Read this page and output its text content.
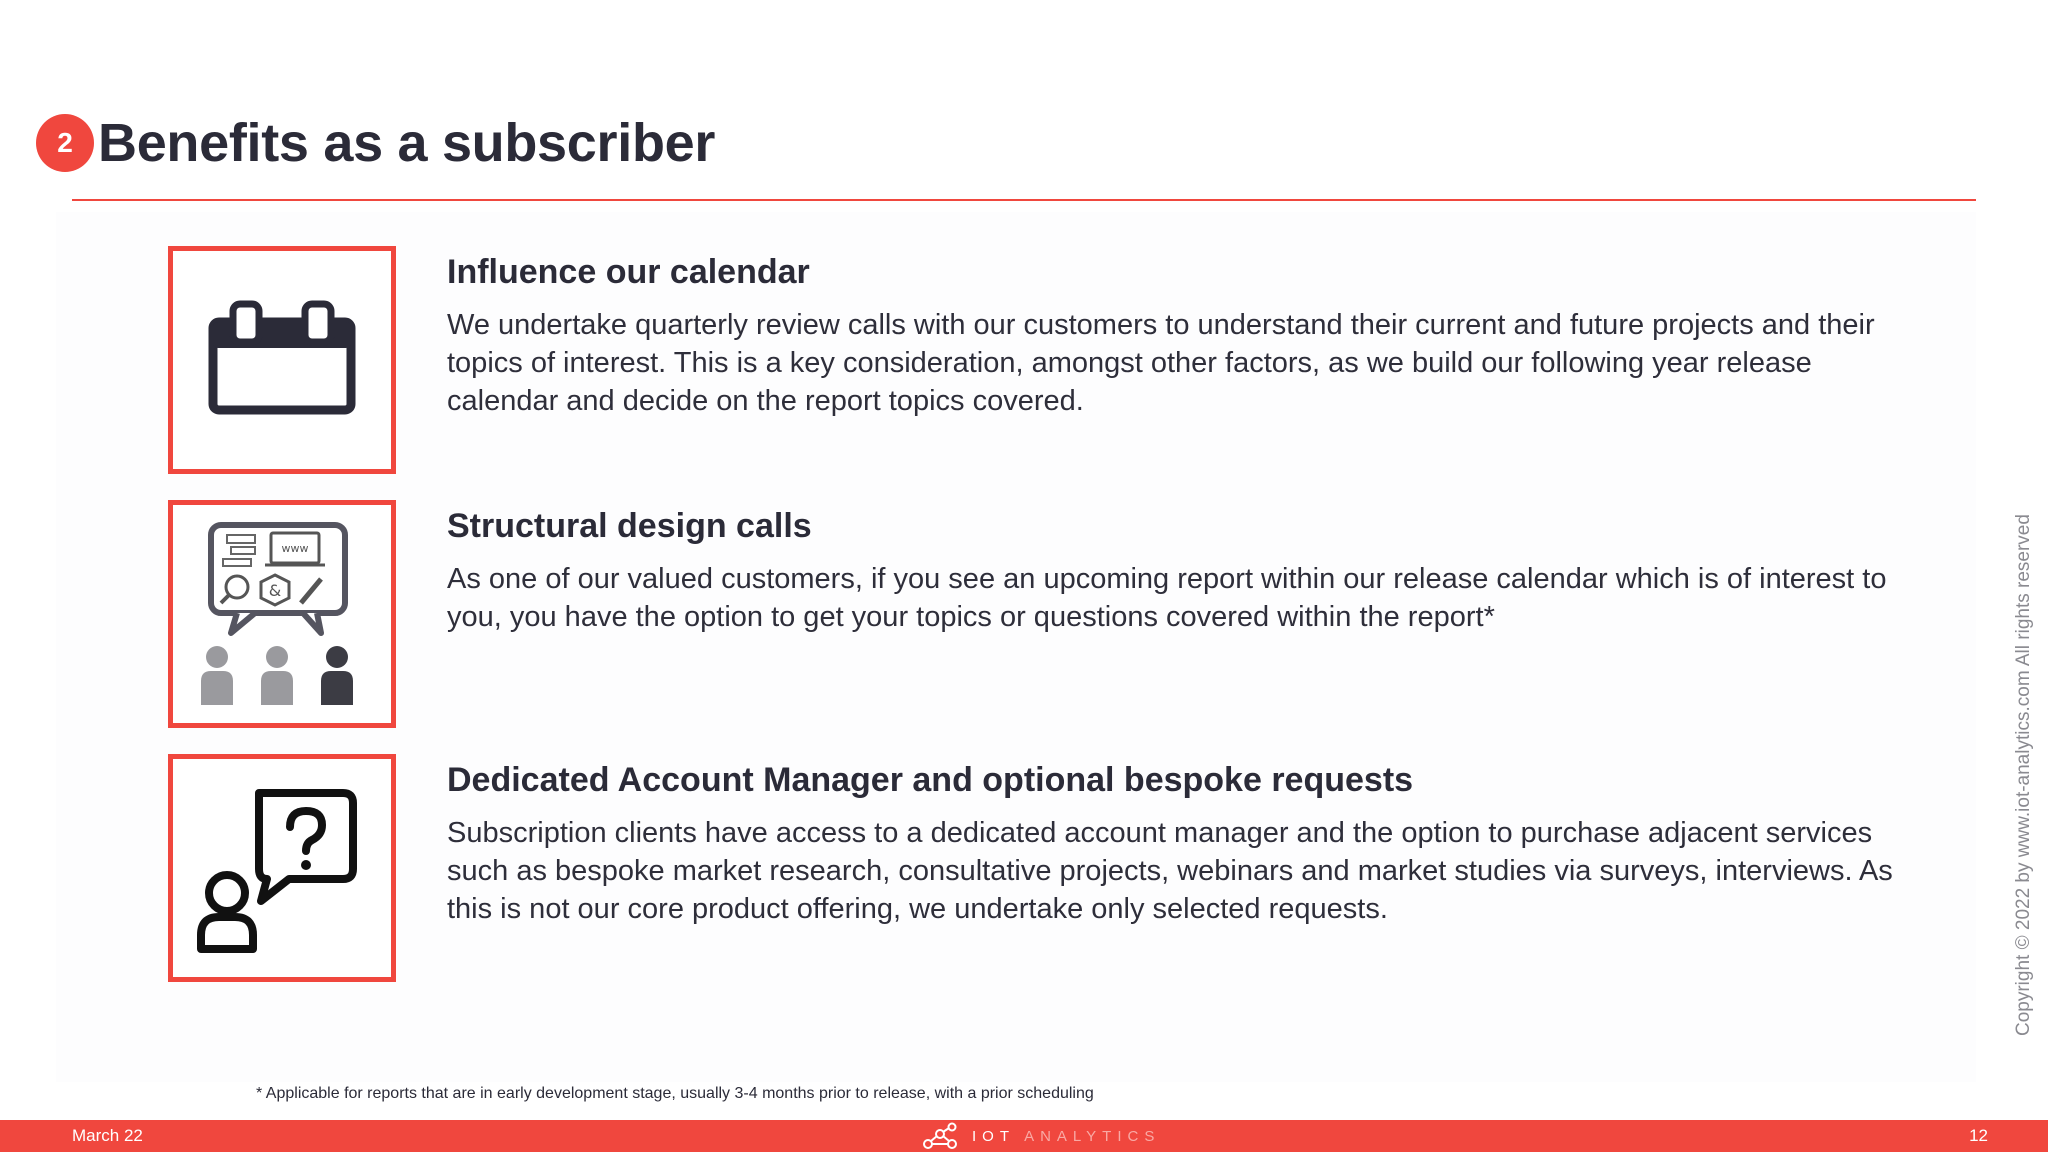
2 Benefits as a subscriber
Influence our calendar
We undertake quarterly review calls with our customers to understand their current and future projects and their topics of interest. This is a key consideration, amongst other factors, as we build our following year release calendar and decide on the report topics covered.
www
&
Structural design calls
As one of our valued customers, if you see an upcoming report within our release calendar which is of interest to you, you have the option to get your topics or questions covered within the report*
Dedicated Account Manager and optional bespoke requests
Subscription clients have access to a dedicated account manager and the option to purchase adjacent services such as bespoke market research, consultative projects, webinars and market studies via surveys, interviews. As this is not our core product offering, we undertake only selected requests.
* Applicable for reports that are in early development stage, usually 3-4 months prior to release, with a prior scheduling
Copyright © 2022 by www.iot-analytics.com All rights reserved
March 22	IOT ANALYTICS	12
